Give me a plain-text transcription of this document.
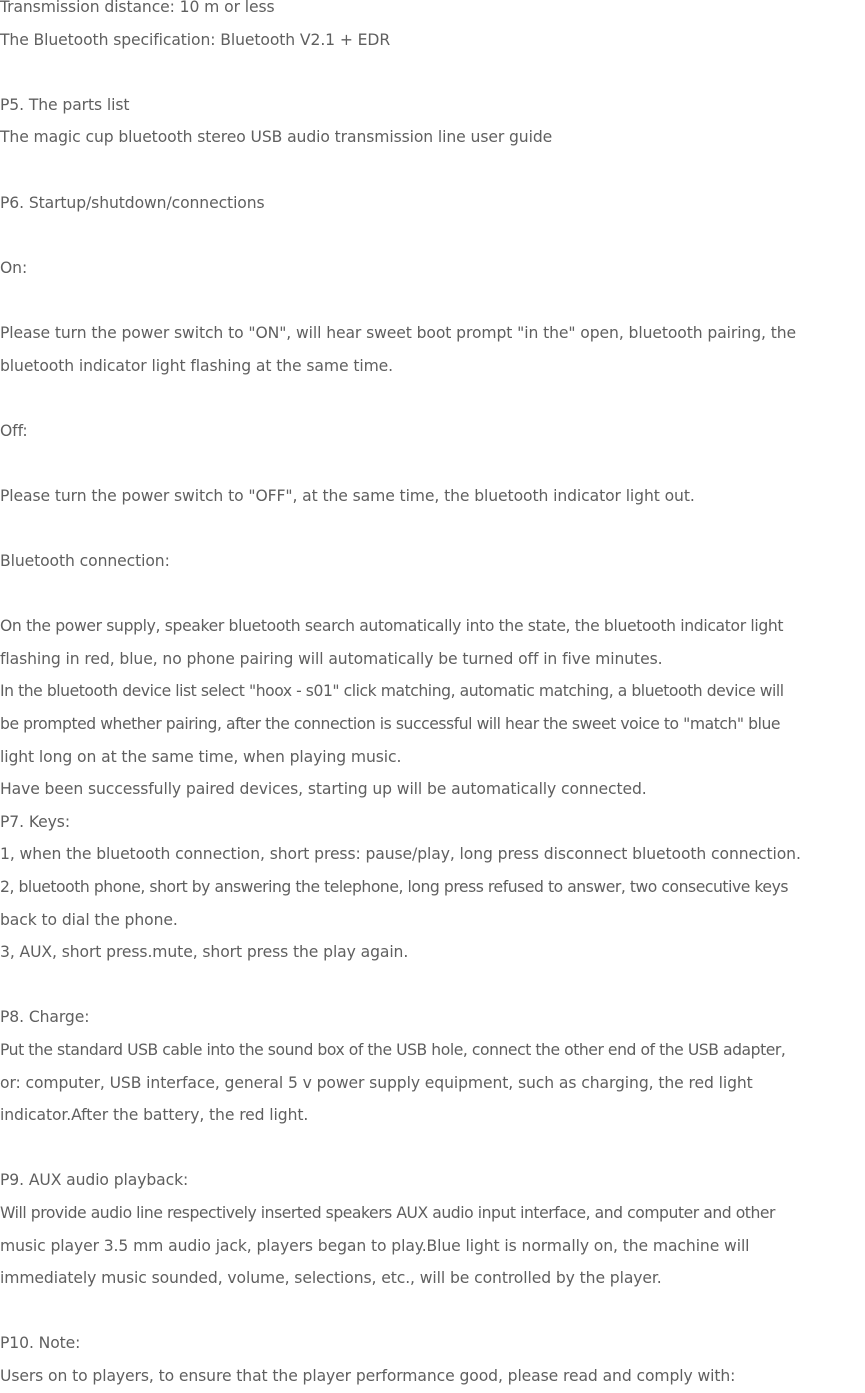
Transmission distance: 10 m or less
The Bluetooth specification: Bluetooth V2.1 + EDR
P5. The parts list
The magic cup bluetooth stereo USB audio transmission line user guide
P6. Startup/shutdown/connections
On:
Please turn the power switch to "ON", will hear sweet boot prompt "in the" open, bluetooth pairing, the
bluetooth indicator light flashing at the same time.
Off:
Please turn the power switch to "OFF", at the same time, the bluetooth indicator light out.
Bluetooth connection:
On the power supply, speaker bluetooth search automatically into the state, the bluetooth indicator light
flashing in red, blue, no phone pairing will automatically be turned off in five minutes.
In the bluetooth device list select "hoox - s01" click matching, automatic matching, a bluetooth device will
be prompted whether pairing, after the connection is successful will hear the sweet voice to "match" blue
light long on at the same time, when playing music.
Have been successfully paired devices, starting up will be automatically connected.
P7. Keys:
1, when the bluetooth connection, short press: pause/play, long press disconnect bluetooth connection.
2, bluetooth phone, short by answering the telephone, long press refused to answer, two consecutive keys
back to dial the phone.
3, AUX, short press.mute, short press the play again.
P8. Charge:
Put the standard USB cable into the sound box of the USB hole, connect the other end of the USB adapter,
or: computer, USB interface, general 5 v power supply equipment, such as charging, the red light
indicator.After the battery, the red light.
P9. AUX audio playback:
Will provide audio line respectively inserted speakers AUX audio input interface, and computer and other
music player 3.5 mm audio jack, players began to play.Blue light is normally on, the machine will
immediately music sounded, volume, selections, etc., will be controlled by the player.
P10. Note:
Users on to players, to ensure that the player performance good, please read and comply with:
